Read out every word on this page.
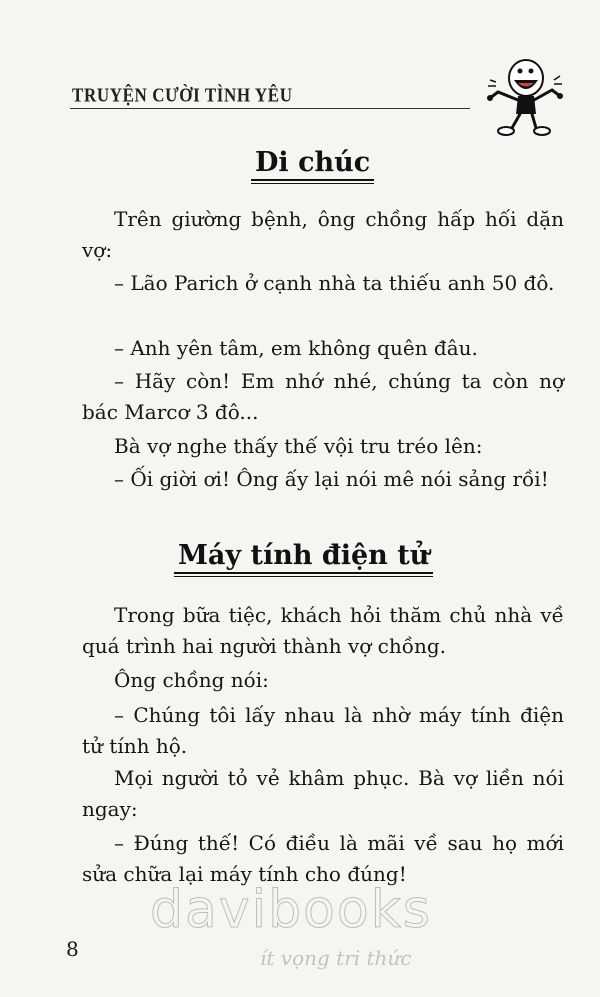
TRUYỆN CƯỜI TÌNH YÊU
Di chúc

Trên giường bệnh, ông chồng hấp hối dặn vợ:

– Lão Parich ở cạnh nhà ta thiếu anh 50 đô.

– Anh yên tâm, em không quên đâu.

– Hãy còn! Em nhớ nhé, chúng ta còn nợ bác Marcơ 3 đô...

Bà vợ nghe thấy thế vội tru tréo lên:

– Ối giời ơi! Ông ấy lại nói mê nói sảng rồi!

Máy tính điện tử

Trong bữa tiệc, khách hỏi thăm chủ nhà về quá trình hai người thành vợ chồng.

Ông chồng nói:

– Chúng tôi lấy nhau là nhờ máy tính điện tử tính hộ.

Mọi người tỏ vẻ khâm phục. Bà vợ liền nói ngay:

– Đúng thế! Có điều là mãi về sau họ mới sửa chữa lại máy tính cho đúng!

8
davibooks
ít vọng tri thức
